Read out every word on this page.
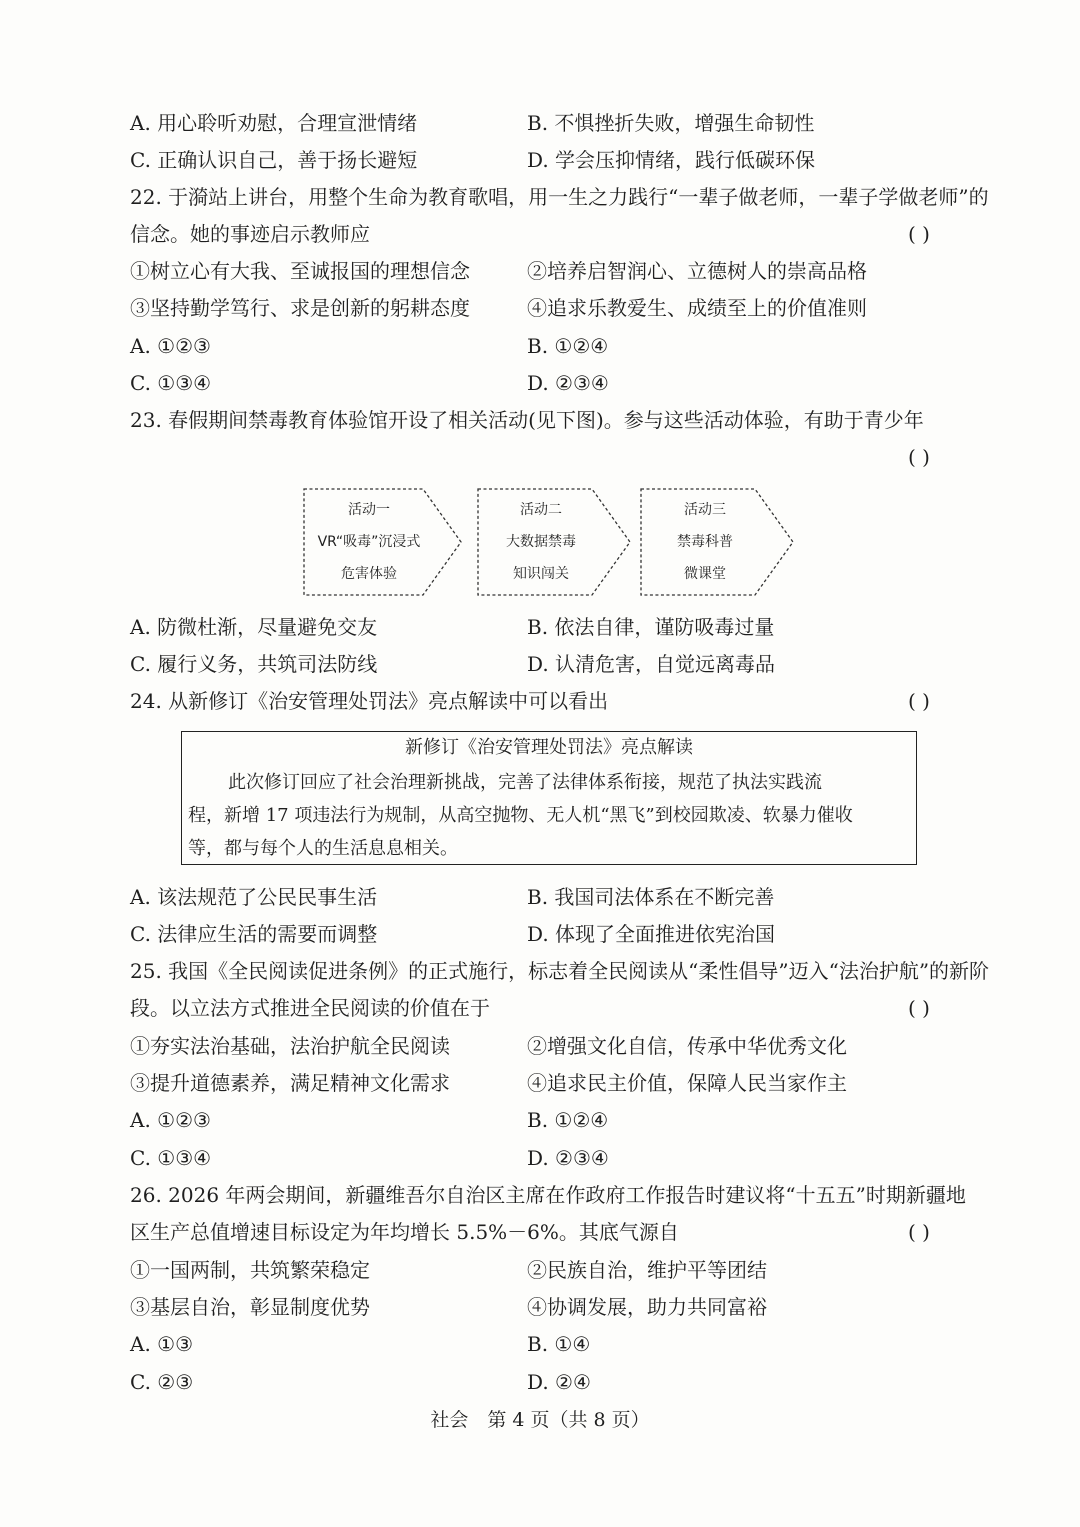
A. 用心聆听劝慰，合理宣泄情绪	B. 不惧挫折失败，增强生命韧性
C. 正确认识自己，善于扬长避短	D. 学会压抑情绪，践行低碳环保
22. 于漪站上讲台，用整个生命为教育歌唱，用一生之力践行“一辈子做老师，一辈子学做老师”的
信念。她的事迹启示教师应	( )
①树立心有大我、至诚报国的理想信念	②培养启智润心、立德树人的崇高品格
③坚持勤学笃行、求是创新的躬耕态度	④追求乐教爱生、成绩至上的价值准则
A. ①②③	B. ①②④
C. ①③④	D. ②③④
23. 春假期间禁毒教育体验馆开设了相关活动(见下图)。参与这些活动体验，有助于青少年
( )
活动一
VR“吸毒”沉浸式
危害体验
活动二
大数据禁毒
知识闯关
活动三
禁毒科普
微课堂
A. 防微杜渐，尽量避免交友	B. 依法自律，谨防吸毒过量
C. 履行义务，共筑司法防线	D. 认清危害，自觉远离毒品
24. 从新修订《治安管理处罚法》亮点解读中可以看出	( )
新修订《治安管理处罚法》亮点解读
此次修订回应了社会治理新挑战，完善了法律体系衔接，规范了执法实践流
程，新增 17 项违法行为规制，从高空抛物、无人机“黑飞”到校园欺凌、软暴力催收
等，都与每个人的生活息息相关。
A. 该法规范了公民民事生活	B. 我国司法体系在不断完善
C. 法律应生活的需要而调整	D. 体现了全面推进依宪治国
25. 我国《全民阅读促进条例》的正式施行，标志着全民阅读从“柔性倡导”迈入“法治护航”的新阶
段。以立法方式推进全民阅读的价值在于	( )
①夯实法治基础，法治护航全民阅读	②增强文化自信，传承中华优秀文化
③提升道德素养，满足精神文化需求	④追求民主价值，保障人民当家作主
A. ①②③	B. ①②④
C. ①③④	D. ②③④
26. 2026 年两会期间，新疆维吾尔自治区主席在作政府工作报告时建议将“十五五”时期新疆地
区生产总值增速目标设定为年均增长 5.5%－6%。其底气源自	( )
①一国两制，共筑繁荣稳定	②民族自治，维护平等团结
③基层自治，彰显制度优势	④协调发展，助力共同富裕
A. ①③	B. ①④
C. ②③	D. ②④
社会　第 4 页（共 8 页）
